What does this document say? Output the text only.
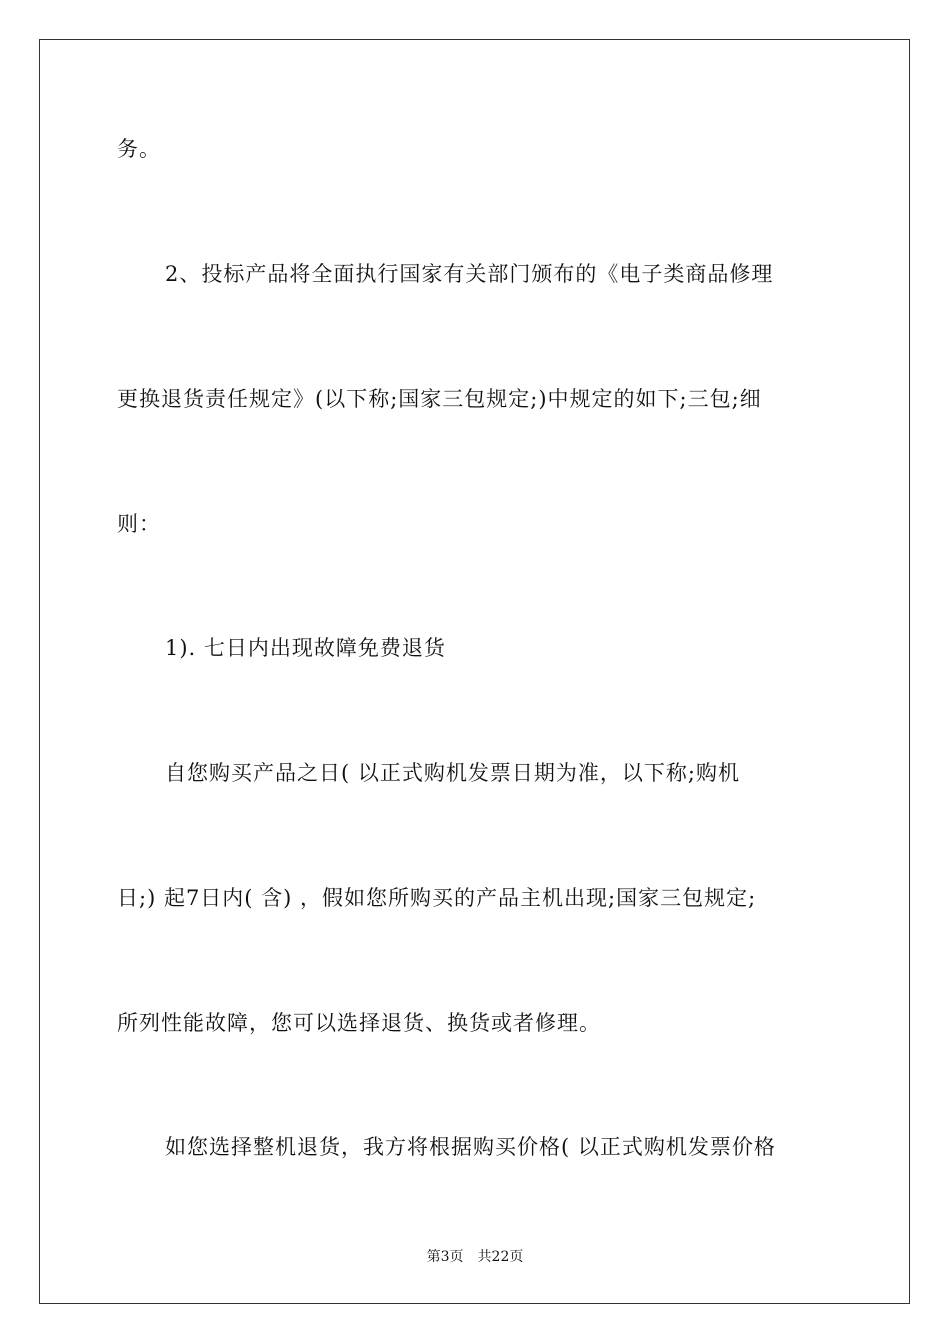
务。
2、投标产品将全面执行国家有关部门颁布的《电子类商品修理
更换退货责任规定》(以下称;国家三包规定;)中规定的如下;三包;细
则：
1). 七日内出现故障免费退货
自您购买产品之日( 以正式购机发票日期为准，以下称;购机
日;) 起7日内( 含) ，假如您所购买的产品主机出现;国家三包规定;
所列性能故障，您可以选择退货、换货或者修理。
如您选择整机退货，我方将根据购买价格( 以正式购机发票价格
第3页　共22页
